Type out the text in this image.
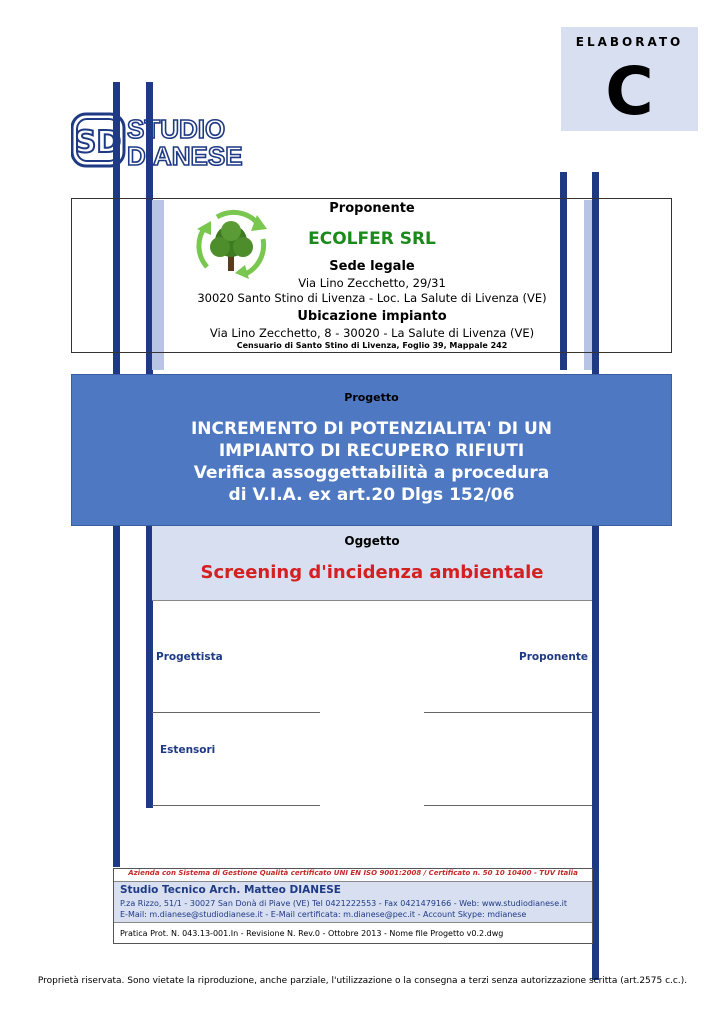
ELABORATO
C
SD STUDIO
DIANESE
Proponente
ECOLFER SRL
Sede legale
Via Lino Zecchetto, 29/31
30020 Santo Stino di Livenza - Loc. La Salute di Livenza (VE)
Ubicazione impianto
Via Lino Zecchetto, 8 - 30020 - La Salute di Livenza (VE)
Censuario di Santo Stino di Livenza, Foglio 39, Mappale 242
Progetto
INCREMENTO DI POTENZIALITA' DI UN
IMPIANTO DI RECUPERO RIFIUTI
Verifica assoggettabilità a procedura
di V.I.A. ex art.20 Dlgs 152/06
Oggetto
Screening d'incidenza ambientale
Progettista	Proponente
Estensori
Azienda con Sistema di Gestione Qualità certificato UNI EN ISO 9001:2008 / Certificato n. 50 10 10400 - TUV Italia
Studio Tecnico Arch. Matteo DIANESE
P.za Rizzo, 51/1 - 30027 San Donà di Piave (VE) Tel 0421222553 - Fax 0421479166 - Web: www.studiodianese.it
E-Mail: m.dianese@studiodianese.it - E-Mail certificata: m.dianese@pec.it - Account Skype: mdianese
Pratica Prot. N. 043.13-001.In - Revisione N. Rev.0 - Ottobre 2013 - Nome file Progetto v0.2.dwg
Proprietà riservata. Sono vietate la riproduzione, anche parziale, l'utilizzazione o la consegna a terzi senza autorizzazione scritta (art.2575 c.c.).
